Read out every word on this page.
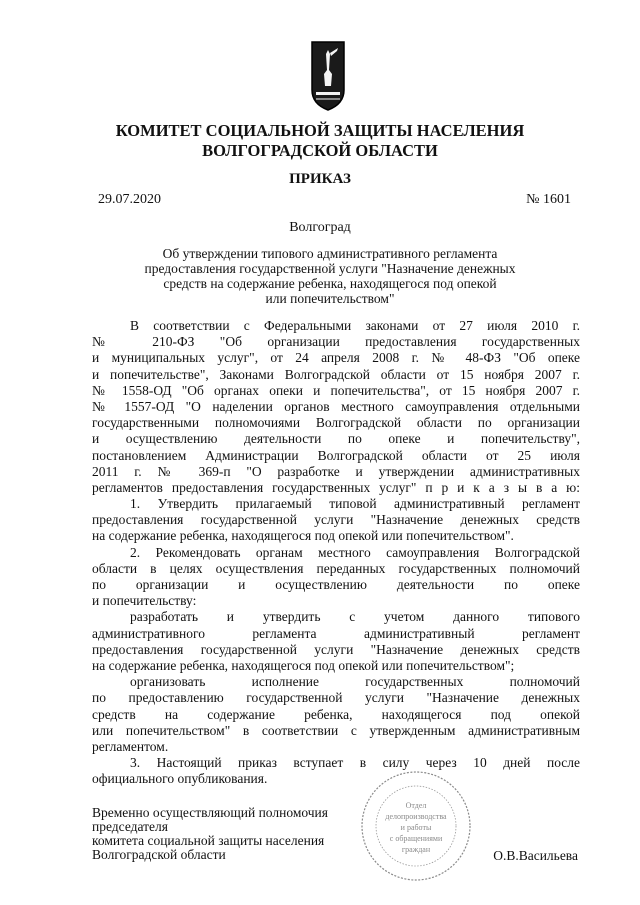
КОМИТЕТ СОЦИАЛЬНОЙ ЗАЩИТЫ НАСЕЛЕНИЯ
ВОЛГОГРАДСКОЙ ОБЛАСТИ
ПРИКАЗ
29.07.2020	№ 1601
Волгоград
Об утверждении типового административного регламента
предоставления государственной услуги "Назначение денежных
средств на содержание ребенка, находящегося под опекой
или попечительством"
В соответствии с Федеральными законами от 27 июля 2010 г.
№ 210-ФЗ "Об организации предоставления государственных
и муниципальных услуг", от 24 апреля 2008 г. № 48-ФЗ "Об опеке
и попечительстве", Законами Волгоградской области от 15 ноября 2007 г.
№ 1558-ОД "Об органах опеки и попечительства", от 15 ноября 2007 г.
№ 1557-ОД "О наделении органов местного самоуправления отдельными
государственными полномочиями Волгоградской области по организации
и осуществлению деятельности по опеке и попечительству",
постановлением Администрации Волгоградской области от 25 июля
2011 г. № 369-п "О разработке и утверждении административных
регламентов предоставления государственных услуг" п р и к а з ы в а ю:
1. Утвердить прилагаемый типовой административный регламент
предоставления государственной услуги "Назначение денежных средств
на содержание ребенка, находящегося под опекой или попечительством".
2. Рекомендовать органам местного самоуправления Волгоградской
области в целях осуществления переданных государственных полномочий
по организации и осуществлению деятельности по опеке
и попечительству:
разработать и утвердить с учетом данного типового
административного регламента административный регламент
предоставления государственной услуги "Назначение денежных средств
на содержание ребенка, находящегося под опекой или попечительством";
организовать исполнение государственных полномочий
по предоставлению государственной услуги "Назначение денежных
средств на содержание ребенка, находящегося под опекой
или попечительством" в соответствии с утвержденным административным
регламентом.
3. Настоящий приказ вступает в силу через 10 дней после
официального опубликования.
Отдел
делопроизводства
и работы
с обращениями
граждан
Временно осуществляющий полномочия
председателя
комитета социальной защиты населения
Волгоградской области	О.В.Васильева
